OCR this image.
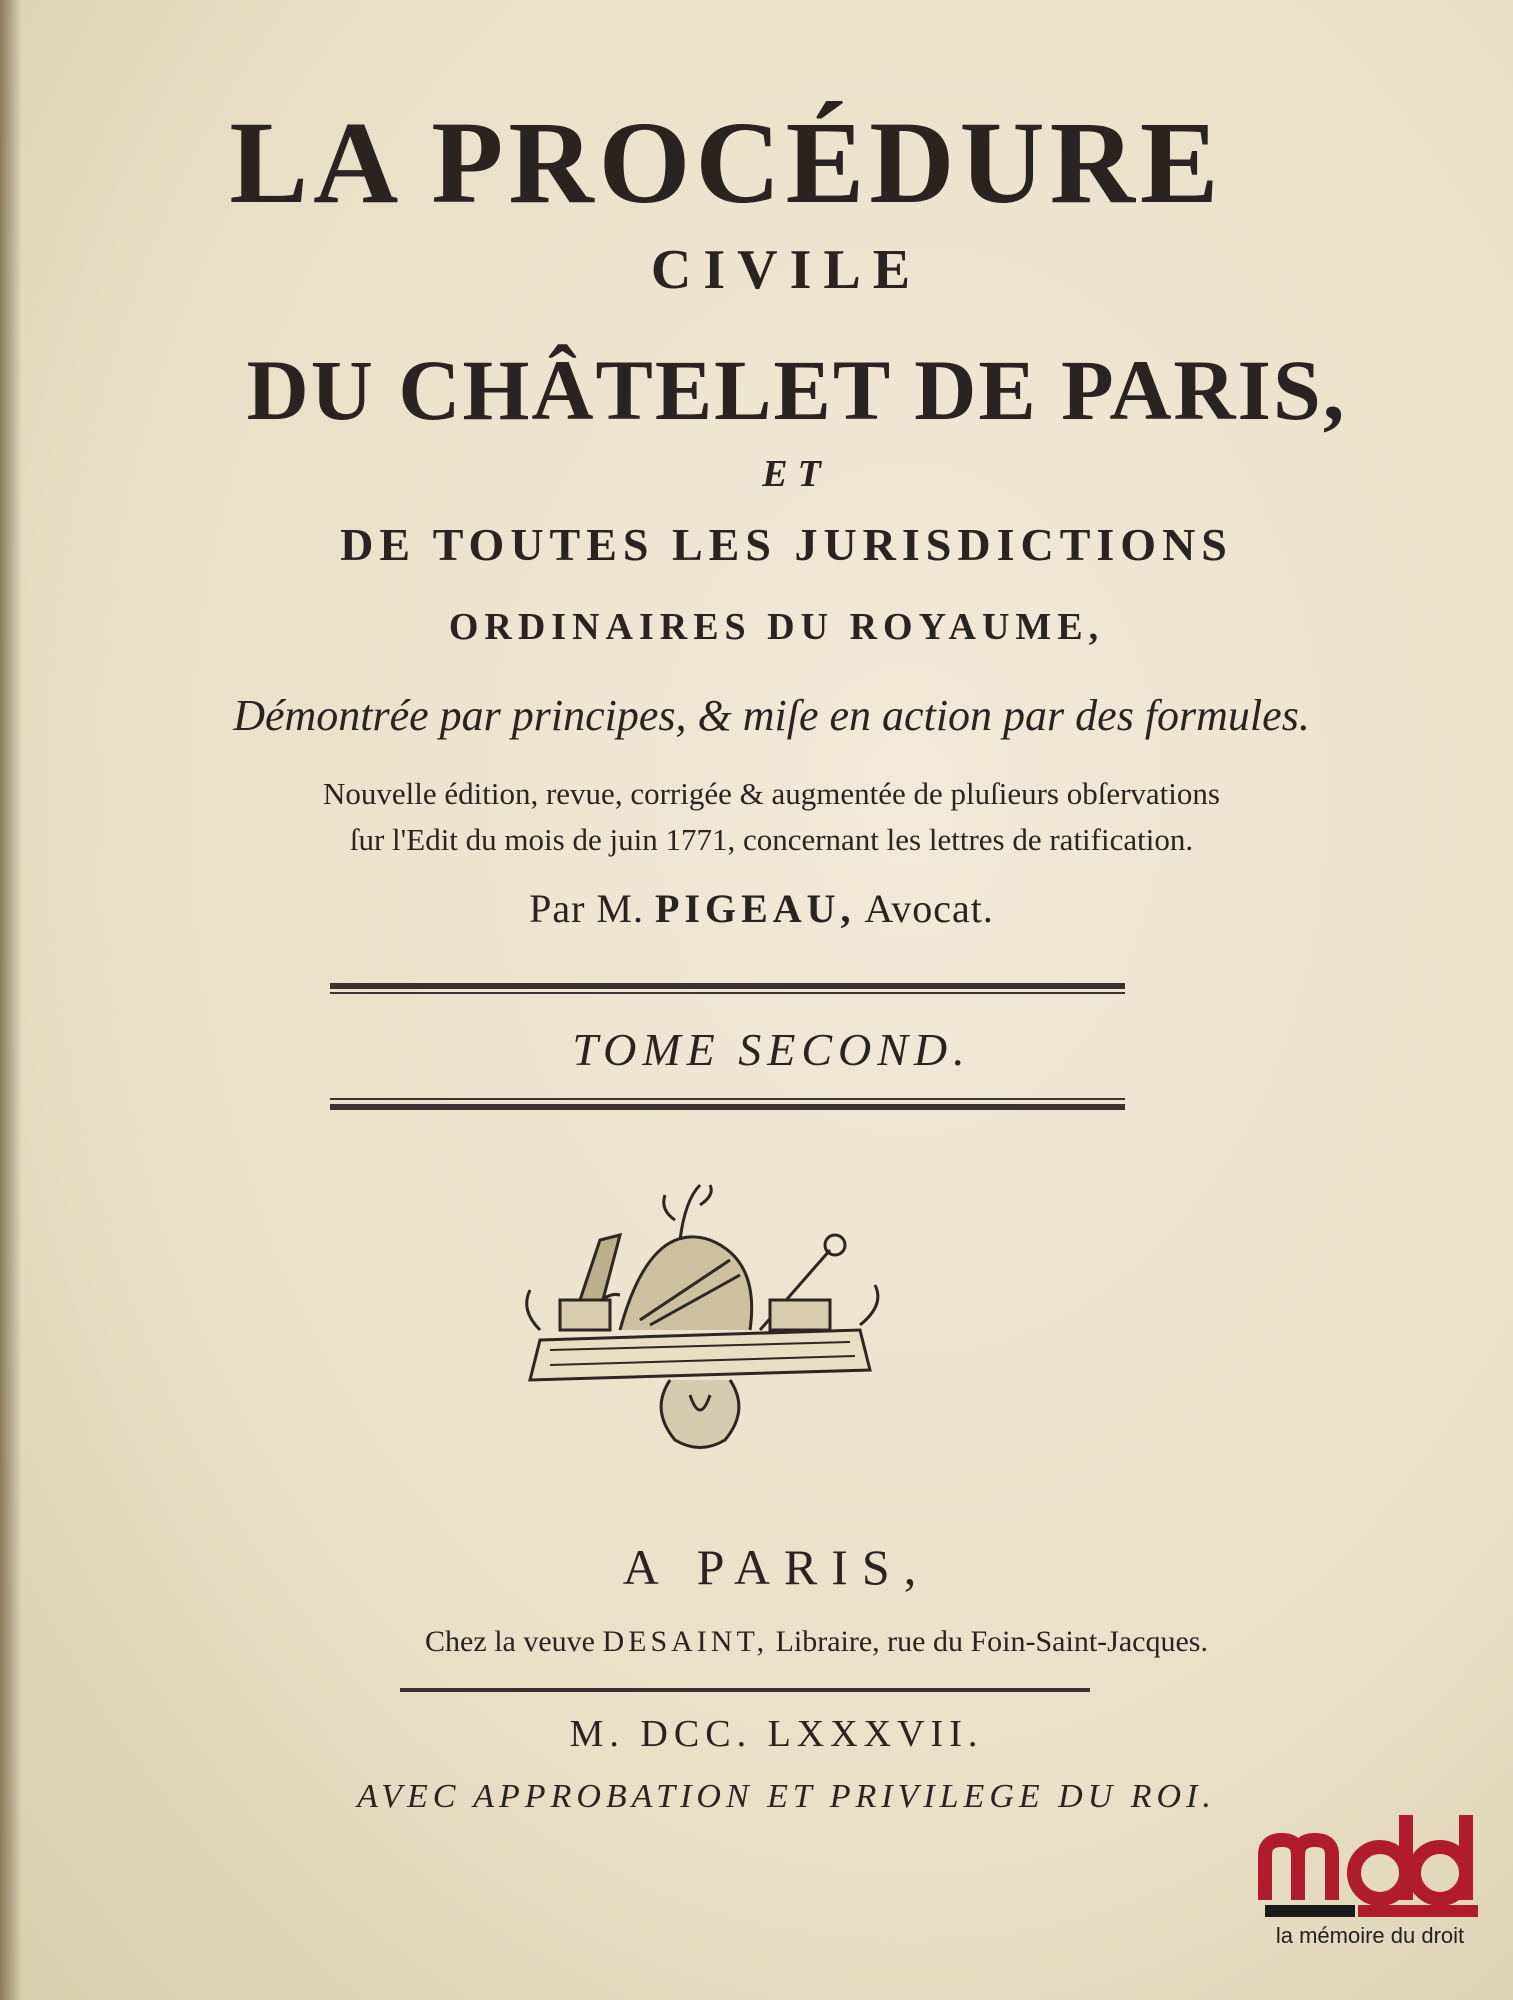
LA PROCÉDURE
CIVILE
DU CHÂTELET DE PARIS,
ET
DE TOUTES LES JURISDICTIONS
ORDINAIRES DU ROYAUME,
Démontrée par principes, & miſe en action par des formules.
Nouvelle édition, revue, corrigée & augmentée de pluſieurs obſervations
ſur l'Edit du mois de juin 1771, concernant les lettres de ratification.
Par M. PIGEAU, Avocat.
TOME SECOND.
A PARIS,
Chez la veuve DESAINT, Libraire, rue du Foin-Saint-Jacques.
M. DCC. LXXXVII.
AVEC APPROBATION ET PRIVILEGE DU ROI.
la mémoire du droit
